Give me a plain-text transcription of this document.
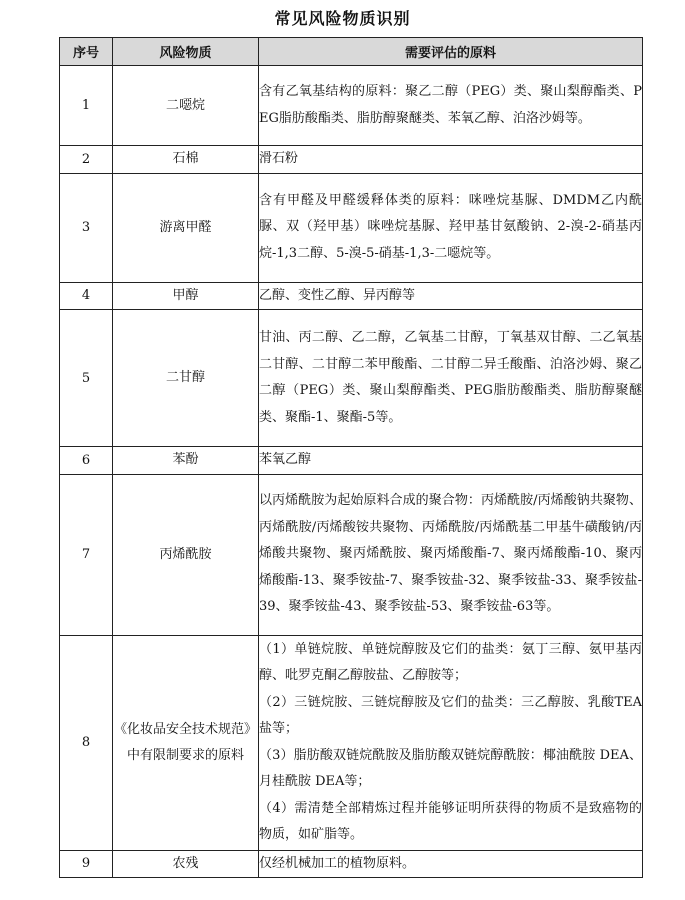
常见风险物质识别
序号	风险物质	需要评估的原料
1	二噁烷	含有乙氧基结构的原料：聚乙二醇（PEG）类、聚山梨醇酯类、PEG脂肪酸酯类、脂肪醇聚醚类、苯氧乙醇、泊洛沙姆等。

2	石棉	滑石粉

3	游离甲醛	含有甲醛及甲醛缓释体类的原料：咪唑烷基脲、DMDM乙内酰脲、双（羟甲基）咪唑烷基脲、羟甲基甘氨酸钠、2-溴-2-硝基丙烷-1,3二醇、5-溴-5-硝基-1,3-二噁烷等。

4	甲醇	乙醇、变性乙醇、异丙醇等

5	二甘醇	甘油、丙二醇、乙二醇，乙氧基二甘醇，丁氧基双甘醇、二乙氧基二甘醇、二甘醇二苯甲酸酯、二甘醇二异壬酸酯、泊洛沙姆、聚乙二醇（PEG）类、聚山梨醇酯类、PEG脂肪酸酯类、脂肪醇聚醚类、聚酯-1、聚酯-5等。

6	苯酚	苯氧乙醇

7	丙烯酰胺	以丙烯酰胺为起始原料合成的聚合物：丙烯酰胺/丙烯酸钠共聚物、丙烯酰胺/丙烯酸铵共聚物、丙烯酰胺/丙烯酰基二甲基牛磺酸钠/丙烯酸共聚物、聚丙烯酰胺、聚丙烯酸酯-7、聚丙烯酸酯-10、聚丙烯酸酯-13、聚季铵盐-7、聚季铵盐-32、聚季铵盐-33、聚季铵盐-39、聚季铵盐-43、聚季铵盐-53、聚季铵盐-63等。

8	《化妆品安全技术规范》中有限制要求的原料	（1）单链烷胺、单链烷醇胺及它们的盐类：氨丁三醇、氨甲基丙醇、吡罗克酮乙醇胺盐、乙醇胺等；
（2）三链烷胺、三链烷醇胺及它们的盐类：三乙醇胺、乳酸TEA盐等；
（3）脂肪酸双链烷酰胺及脂肪酸双链烷醇酰胺：椰油酰胺 DEA、月桂酰胺 DEA等；
（4）需清楚全部精炼过程并能够证明所获得的物质不是致癌物的物质，如矿脂等。

9	农残	仅经机械加工的植物原料。
